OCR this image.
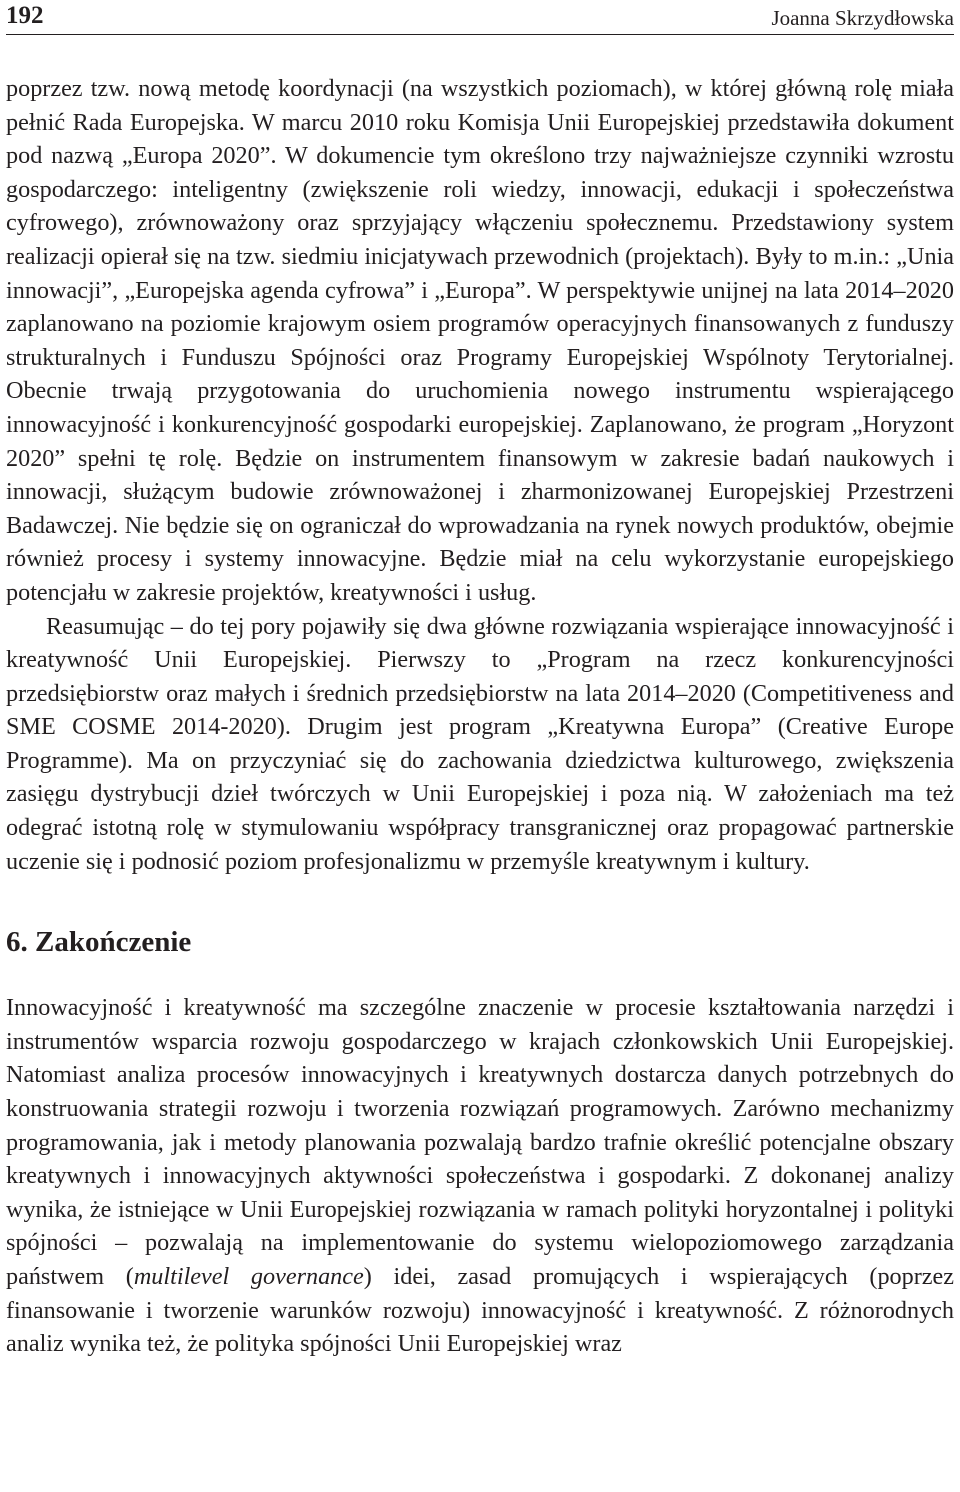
192	Joanna Skrzydłowska

poprzez tzw. nową metodę koordynacji (na wszystkich poziomach), w której główną rolę miała pełnić Rada Europejska. W marcu 2010 roku Komisja Unii Europejskiej przedstawiła dokument pod nazwą „Europa 2020”. W dokumencie tym określono trzy najważniejsze czynniki wzrostu gospodarczego: inteligentny (zwiększenie roli wiedzy, innowacji, edukacji i społeczeństwa cyfrowego), zrównoważony oraz sprzyjający włączeniu społecznemu. Przedstawiony system realizacji opierał się na tzw. siedmiu inicjatywach przewodnich (projektach). Były to m.in.: „Unia innowacji”, „Europejska agenda cyfrowa” i „Europa”. W perspektywie unijnej na lata 2014–2020 zaplanowano na poziomie krajowym osiem programów operacyjnych finansowanych z funduszy strukturalnych i Funduszu Spójności oraz Programy Europejskiej Wspólnoty Terytorialnej. Obecnie trwają przygotowania do uruchomienia nowego instrumentu wspierającego innowacyjność i konkurencyjność gospodarki europejskiej. Zaplanowano, że program „Horyzont 2020” spełni tę rolę. Będzie on instrumentem finansowym w zakresie badań naukowych i innowacji, służącym budowie zrównoważonej i zharmonizowanej Europejskiej Przestrzeni Badawczej. Nie będzie się on ograniczał do wprowadzania na rynek nowych produktów, obejmie również procesy i systemy innowacyjne. Będzie miał na celu wykorzystanie europejskiego potencjału w zakresie projektów, kreatywności i usług.

Reasumując – do tej pory pojawiły się dwa główne rozwiązania wspierające innowacyjność i kreatywność Unii Europejskiej. Pierwszy to „Program na rzecz konkurencyjności przedsiębiorstw oraz małych i średnich przedsiębiorstw na lata 2014–2020 (Competitiveness and SME COSME 2014-2020). Drugim jest program „Kreatywna Europa” (Creative Europe Programme). Ma on przyczyniać się do zachowania dziedzictwa kulturowego, zwiększenia zasięgu dystrybucji dzieł twórczych w Unii Europejskiej i poza nią. W założeniach ma też odegrać istotną rolę w stymulowaniu współpracy transgranicznej oraz propagować partnerskie uczenie się i podnosić poziom profesjonalizmu w przemyśle kreatywnym i kultury.

6. Zakończenie

Innowacyjność i kreatywność ma szczególne znaczenie w procesie kształtowania narzędzi i instrumentów wsparcia rozwoju gospodarczego w krajach członkowskich Unii Europejskiej. Natomiast analiza procesów innowacyjnych i kreatywnych dostarcza danych potrzebnych do konstruowania strategii rozwoju i tworzenia rozwiązań programowych. Zarówno mechanizmy programowania, jak i metody planowania pozwalają bardzo trafnie określić potencjalne obszary kreatywnych i innowacyjnych aktywności społeczeństwa i gospodarki. Z dokonanej analizy wynika, że istniejące w Unii Europejskiej rozwiązania w ramach polityki horyzontalnej i polityki spójności – pozwalają na implementowanie do systemu wielopoziomowego zarządzania państwem (multilevel governance) idei, zasad promujących i wspierających (poprzez finansowanie i tworzenie warunków rozwoju) innowacyjność i kreatywność. Z różnorodnych analiz wynika też, że polityka spójności Unii Europejskiej wraz
